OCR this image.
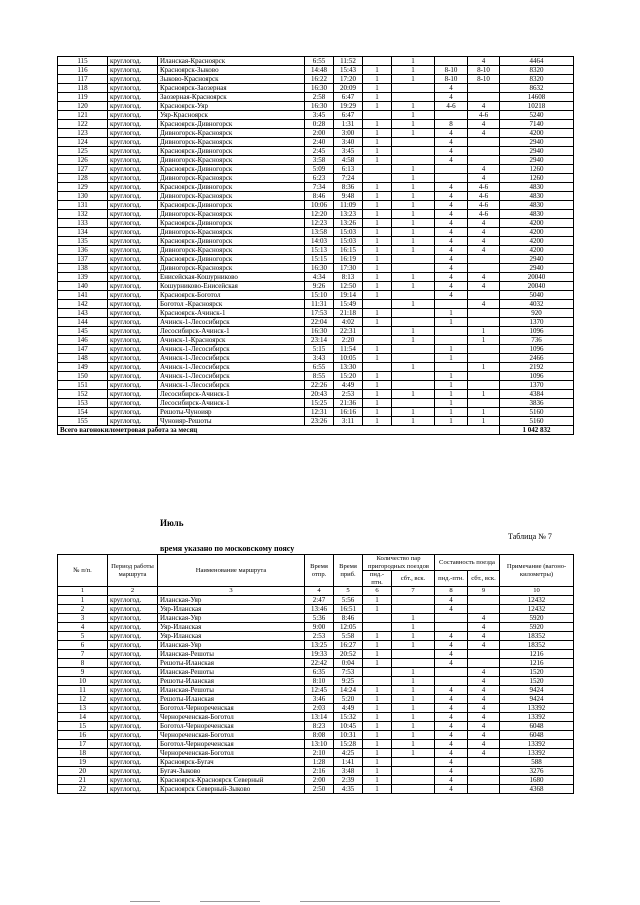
115	круглогод.	Иланская-Красноярск	6:55	11:52		1		4	4464
116	круглогод.	Красноярск-Зыково	14:48	15:43	1	1	8-10	8-10	8320
117	круглогод.	Зыково-Красноярск	16:22	17:20	1	1	8-10	8-10	8320
118	круглогод.	Красноярск-Заозерная	16:30	20:09	1		4		8632
119	круглогод.	Заозерная-Красноярск	2:58	6:47	1		4		14608
120	круглогод.	Красноярск-Уяр	16:30	19:29	1	1	4-6	4	10218
121	круглогод.	Уяр-Красноярск	3:45	6:47		1		4-6	5240
122	круглогод.	Красноярск-Дивногорск	0:28	1:31	1	1	8	4	7140
123	круглогод.	Дивногорск-Красноярск	2:00	3:00	1	1	4	4	4200
124	круглогод.	Дивногорск-Красноярск	2:40	3:40	1		4		2940
125	круглогод.	Красноярск-Дивногорск	2:45	3:45	1		4		2940
126	круглогод.	Дивногорск-Красноярск	3:58	4:58	1		4		2940
127	круглогод.	Красноярск-Дивногорск	5:09	6:13		1		4	1260
128	круглогод.	Дивногорск-Красноярск	6:23	7:24		1		4	1260
129	круглогод.	Красноярск-Дивногорск	7:34	8:36	1	1	4	4-6	4830
130	круглогод.	Дивногорск-Красноярск	8:46	9:48	1	1	4	4-6	4830
131	круглогод.	Красноярск-Дивногорск	10:06	11:09	1	1	4	4-6	4830
132	круглогод.	Дивногорск-Красноярск	12:20	13:23	1	1	4	4-6	4830
133	круглогод.	Красноярск-Дивногорск	12:23	13:26	1	1	4	4	4200
134	круглогод.	Дивногорск-Красноярск	13:58	15:03	1	1	4	4	4200
135	круглогод.	Красноярск-Дивногорск	14:03	15:03	1	1	4	4	4200
136	круглогод.	Дивногорск-Красноярск	15:13	16:15	1	1	4	4	4200
137	круглогод.	Красноярск-Дивногорск	15:15	16:19	1		4		2940
138	круглогод.	Дивногорск-Красноярск	16:30	17:30	1		4		2940
139	круглогод.	Енисейская-Кошурниково	4:34	8:13	1	1	4	4	20040
140	круглогод.	Кошурниково-Енисейская	9:26	12:50	1	1	4	4	20040
141	круглогод.	Красноярск-Боготол	15:10	19:14	1		4		5040
142	круглогод.	Боготол -Красноярск	11:31	15:49		1		4	4032
143	круглогод.	Красноярск-Ачинск-1	17:53	21:18	1		1		920
144	круглогод.	Ачинск-1-Лесосибирск	22:04	4:02	1		1		1370
145	круглогод.	Лесосибирск-Ачинск-1	16:30	22:31		1		1	1096
146	круглогод.	Ачинск-1-Красноярск	23:14	2:20		1		1	736
147	круглогод.	Ачинск-1-Лесосибирск	5:15	11:54	1		1		1096
148	круглогод.	Ачинск-1-Лесосибирск	3:43	10:05	1		1		2466
149	круглогод.	Ачинск-1-Лесосибирск	6:55	13:30		1		1	2192
150	круглогод.	Ачинск-1-Лесосибирск	8:55	15:20	1		1		1096
151	круглогод.	Ачинск-1-Лесосибирск	22:26	4:49	1		1		1370
152	круглогод.	Лесосибирск-Ачинск-1	20:43	2:53	1	1	1	1	4384
153	круглогод.	Лесосибирск-Ачинск-1	15:25	21:36	1		1		3836
154	круглогод.	Решоты-Чуноияр	12:31	16:16	1	1	1	1	5160
155	круглогод.	Чуноияр-Решоты	23:26	3:11	1	1	1	1	5160
Всего вагонокилометровая работа за месяц									1 042 832
Июль
Таблица № 7
время указано по московскому поясу
№ п/п.	Период работы маршрута	Наименование маршрута	Время отпр.	Время приб.	Количество пар пригородных поездов		Составность поезда		Примечание (вагоно-километры)
					пнд.-птн.	сбт., вск.	пнд.-птн.	сбт., вск.	
1	2	3	4	5	6	7	8	9	10
1	круглогод.	Иланская-Уяр	2:47	5:56	1		4		12432
2	круглогод.	Уяр-Иланская	13:46	16:51	1		4		12432
3	круглогод.	Иланская-Уяр	5:36	8:46		1		4	5920
4	круглогод.	Уяр-Иланская	9:00	12:05		1		4	5920
5	круглогод.	Уяр-Иланская	2:53	5:58	1	1	4	4	18352
6	круглогод.	Иланская-Уяр	13:25	16:27	1	1	4	4	18352
7	круглогод.	Иланская-Решоты	19:33	20:52	1		4		1216
8	круглогод.	Решоты-Иланская	22:42	0:04	1		4		1216
9	круглогод.	Иланская-Решоты	6:35	7:53		1		4	1520
10	круглогод.	Решоты-Иланская	8:10	9:25		1		4	1520
11	круглогод.	Иланская-Решоты	12:45	14:24	1	1	4	4	9424
12	круглогод.	Решоты-Иланская	3:46	5:20	1	1	4	4	9424
13	круглогод.	Боготол-Чернореченская	2:03	4:49	1	1	4	4	13392
14	круглогод.	Чернореченская-Боготол	13:14	15:32	1	1	4	4	13392
15	круглогод.	Боготол-Чернореченская	8:23	10:45	1	1	4	4	6048
16	круглогод.	Чернореченская-Боготол	8:08	10:31	1	1	4	4	6048
17	круглогод.	Боготол-Чернореченская	13:10	15:28	1	1	4	4	13392
18	круглогод.	Чернореченская-Боготол	2:10	4:25	1	1	4	4	13392
19	круглогод.	Красноярск-Бугач	1:28	1:41	1		4		588
20	круглогод.	Бугач-Зыково	2:16	3:48	1		4		3276
21	круглогод.	Красноярск-Красноярск Северный	2:00	2:39	1		4		1680
22	круглогод.	Красноярск Северный-Зыково	2:50	4:35	1		4		4368
